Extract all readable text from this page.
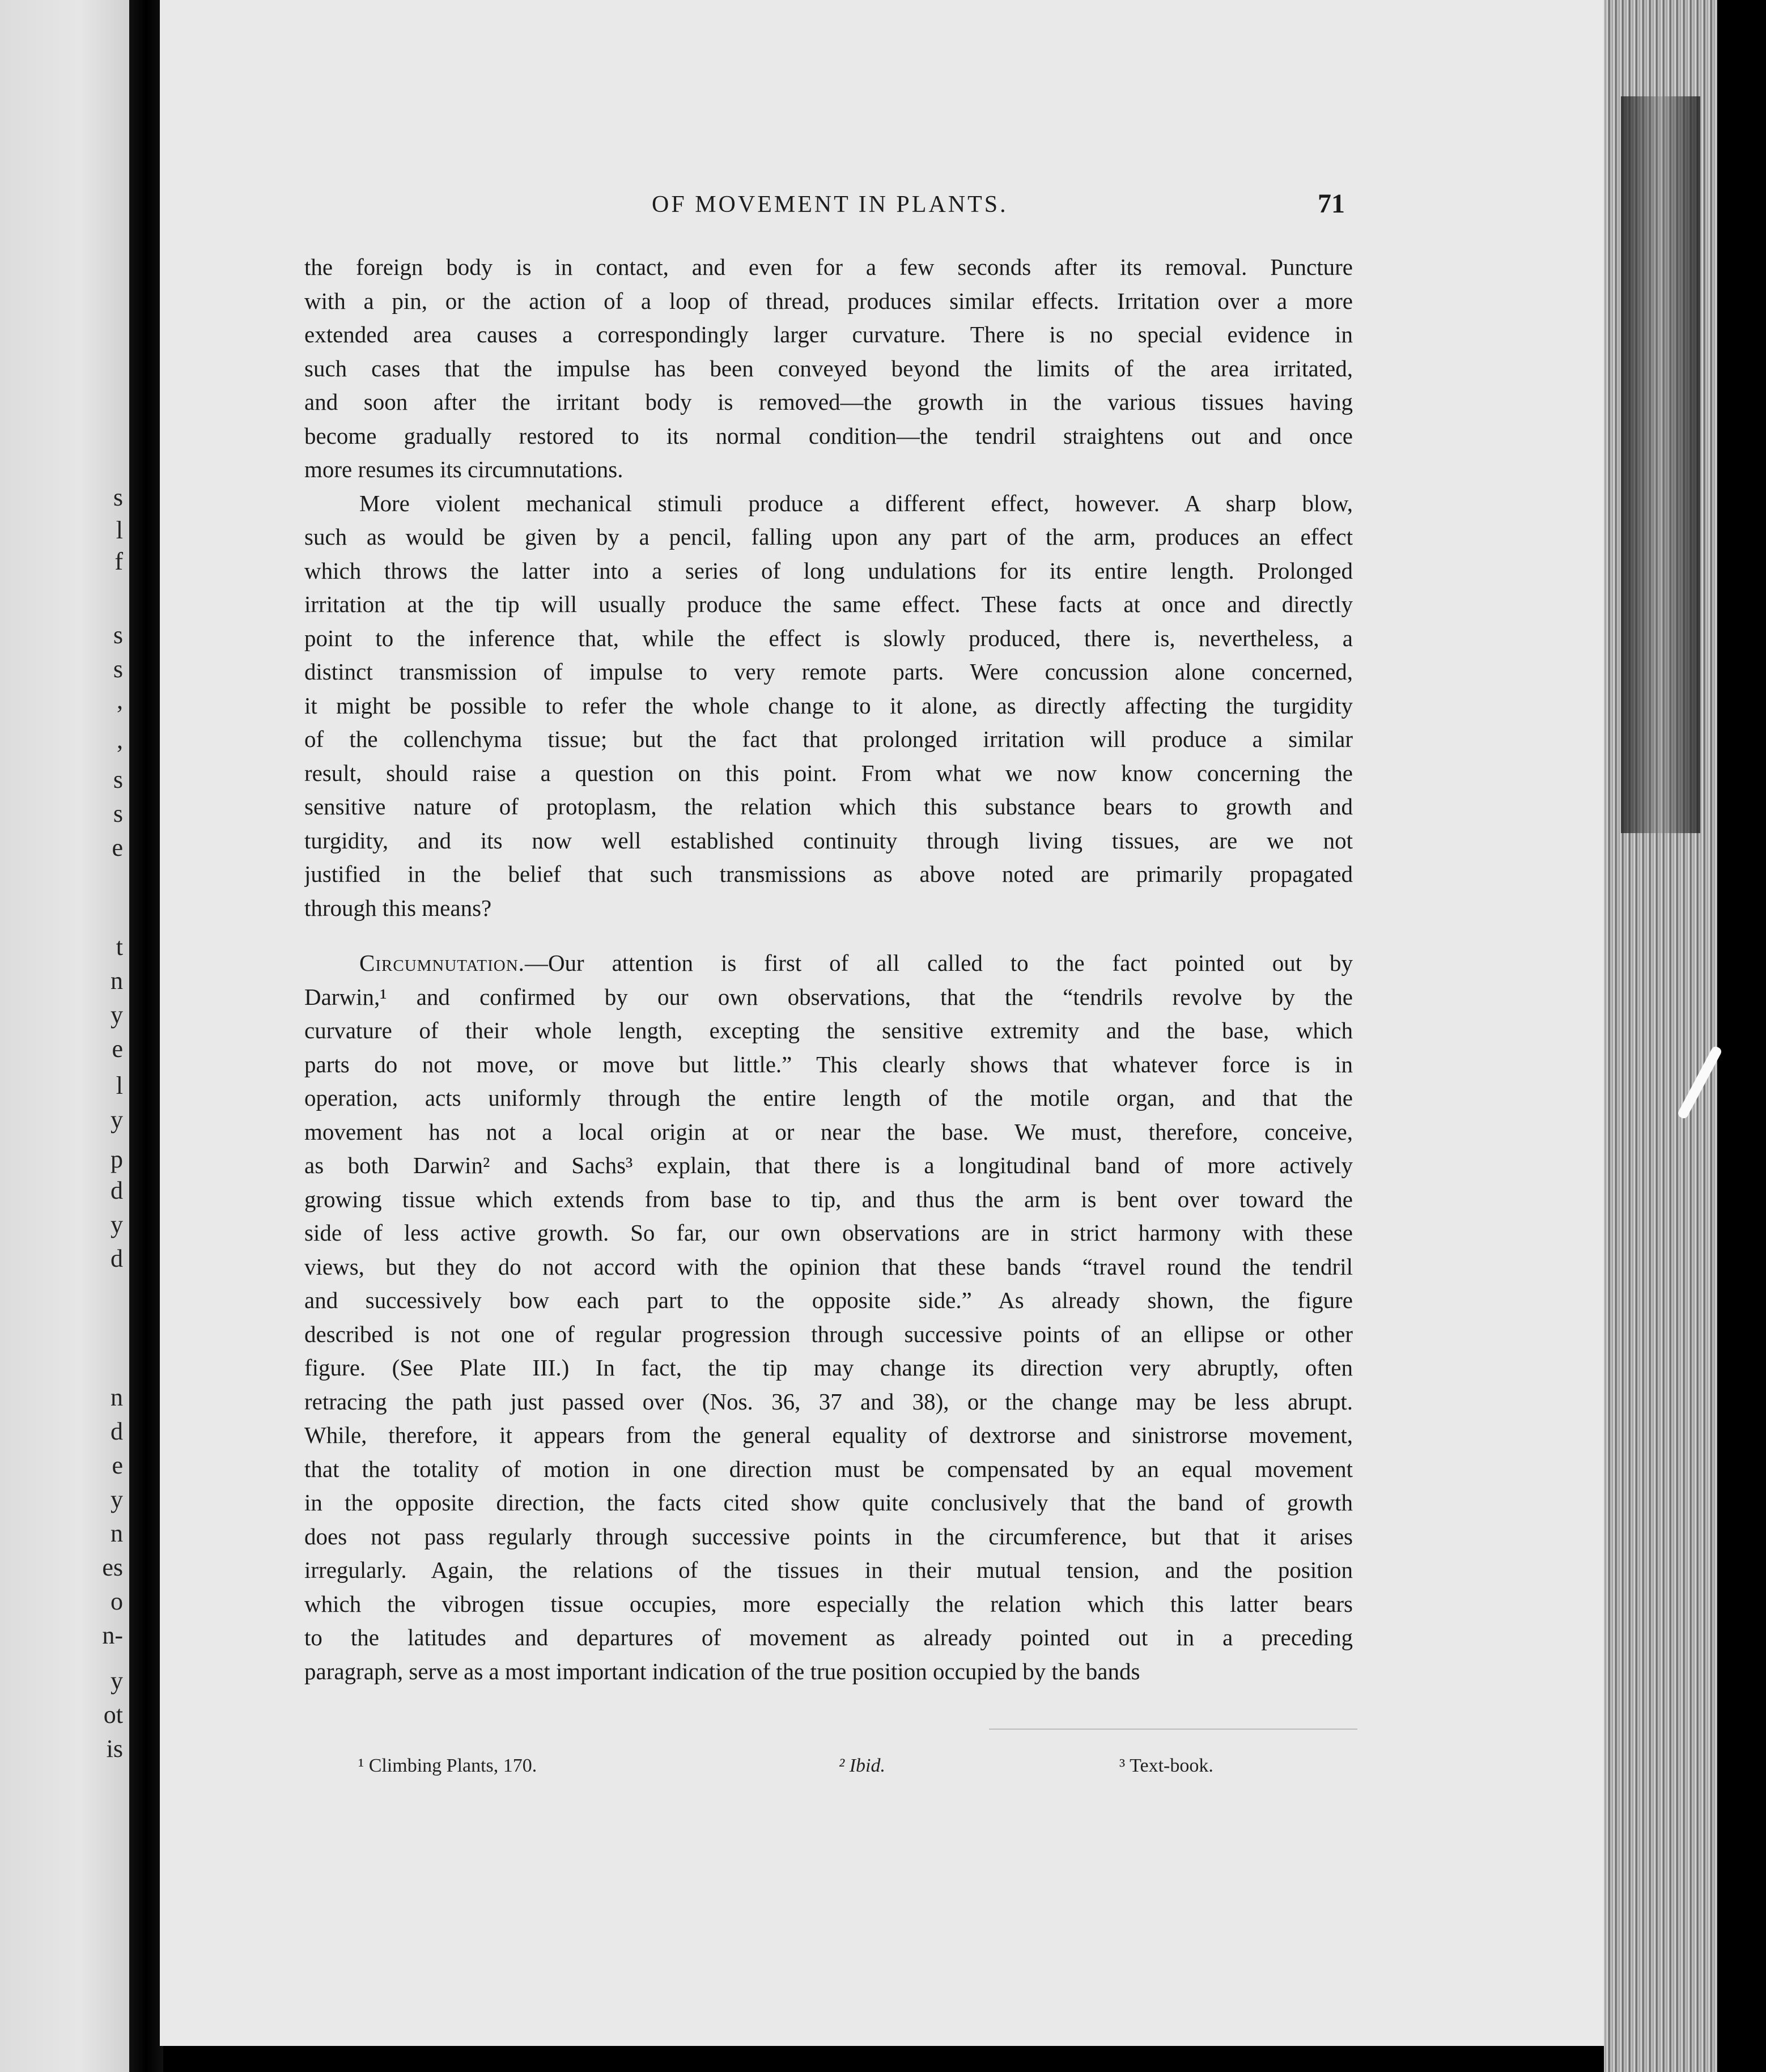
s
l
f
s
s
,
,
s
s
e
t
n
y
e
l
y
p
d
y
d
n
d
e
y
n
es
o
n-
y
ot
is
OF MOVEMENT IN PLANTS.	71
the foreign body is in contact, and even for a few seconds after its removal. Puncture
with a pin, or the action of a loop of thread, produces similar effects. Irritation over a more
extended area causes a correspondingly larger curvature. There is no special evidence in
such cases that the impulse has been conveyed beyond the limits of the area irritated,
and soon after the irritant body is removed—the growth in the various tissues having
become gradually restored to its normal condition—the tendril straightens out and once
more resumes its circumnutations.
More violent mechanical stimuli produce a different effect, however. A sharp blow,
such as would be given by a pencil, falling upon any part of the arm, produces an effect
which throws the latter into a series of long undulations for its entire length. Prolonged
irritation at the tip will usually produce the same effect. These facts at once and directly
point to the inference that, while the effect is slowly produced, there is, nevertheless, a
distinct transmission of impulse to very remote parts. Were concussion alone concerned,
it might be possible to refer the whole change to it alone, as directly affecting the turgidity
of the collenchyma tissue; but the fact that prolonged irritation will produce a similar
result, should raise a question on this point. From what we now know concerning the
sensitive nature of protoplasm, the relation which this substance bears to growth and
turgidity, and its now well established continuity through living tissues, are we not
justified in the belief that such transmissions as above noted are primarily propagated
through this means?
Circumnutation.—Our attention is first of all called to the fact pointed out by
Darwin,¹ and confirmed by our own observations, that the “tendrils revolve by the
curvature of their whole length, excepting the sensitive extremity and the base, which
parts do not move, or move but little.” This clearly shows that whatever force is in
operation, acts uniformly through the entire length of the motile organ, and that the
movement has not a local origin at or near the base. We must, therefore, conceive,
as both Darwin² and Sachs³ explain, that there is a longitudinal band of more actively
growing tissue which extends from base to tip, and thus the arm is bent over toward the
side of less active growth. So far, our own observations are in strict harmony with these
views, but they do not accord with the opinion that these bands “travel round the tendril
and successively bow each part to the opposite side.” As already shown, the figure
described is not one of regular progression through successive points of an ellipse or other
figure. (See Plate III.) In fact, the tip may change its direction very abruptly, often
retracing the path just passed over (Nos. 36, 37 and 38), or the change may be less abrupt.
While, therefore, it appears from the general equality of dextrorse and sinistrorse movement,
that the totality of motion in one direction must be compensated by an equal movement
in the opposite direction, the facts cited show quite conclusively that the band of growth
does not pass regularly through successive points in the circumference, but that it arises
irregularly. Again, the relations of the tissues in their mutual tension, and the position
which the vibrogen tissue occupies, more especially the relation which this latter bears
to the latitudes and departures of movement as already pointed out in a preceding
paragraph, serve as a most important indication of the true position occupied by the bands
¹ Climbing Plants, 170.	² Ibid.	³ Text-book.
